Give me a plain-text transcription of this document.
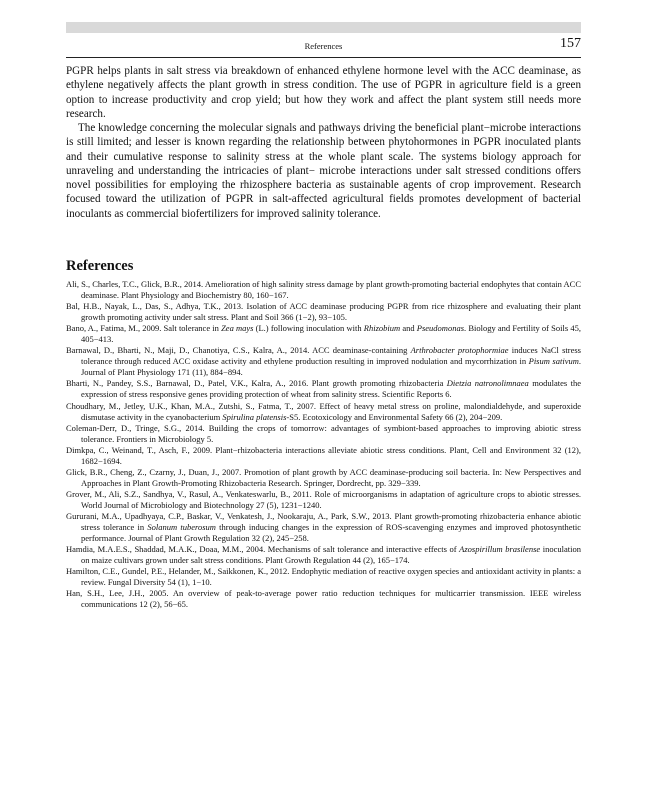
References	157

PGPR helps plants in salt stress via breakdown of enhanced ethylene hormone level with the ACC deaminase, as ethylene negatively affects the plant growth in stress condition. The use of PGPR in agriculture field is a green option to increase productivity and crop yield; but how they work and affect the plant system still needs more research.

The knowledge concerning the molecular signals and pathways driving the beneficial plant−microbe interactions is still limited; and lesser is known regarding the relationship between phytohormones in PGPR inoculated plants and their cumulative response to salinity stress at the whole plant scale. The systems biology approach for unraveling and understanding the intricacies of plant− microbe interactions under salt stressed conditions offers novel possibilities for employing the rhizosphere bacteria as sustainable agents of crop improvement. Research focused toward the utilization of PGPR in salt-affected agricultural fields promotes development of bacterial inoculants as commercial biofertilizers for improved salinity tolerance.

References
Ali, S., Charles, T.C., Glick, B.R., 2014. Amelioration of high salinity stress damage by plant growth-promoting bacterial endophytes that contain ACC deaminase. Plant Physiology and Biochemistry 80, 160−167.
Bal, H.B., Nayak, L., Das, S., Adhya, T.K., 2013. Isolation of ACC deaminase producing PGPR from rice rhizosphere and evaluating their plant growth promoting activity under salt stress. Plant and Soil 366 (1−2), 93−105.
Bano, A., Fatima, M., 2009. Salt tolerance in Zea mays (L.) following inoculation with Rhizobium and Pseudomonas. Biology and Fertility of Soils 45, 405−413.
Barnawal, D., Bharti, N., Maji, D., Chanotiya, C.S., Kalra, A., 2014. ACC deaminase-containing Arthrobacter protophormiae induces NaCl stress tolerance through reduced ACC oxidase activity and ethylene production resulting in improved nodulation and mycorrhization in Pisum sativum. Journal of Plant Physiology 171 (11), 884−894.
Bharti, N., Pandey, S.S., Barnawal, D., Patel, V.K., Kalra, A., 2016. Plant growth promoting rhizobacteria Dietzia natronolimnaea modulates the expression of stress responsive genes providing protection of wheat from salinity stress. Scientific Reports 6.
Choudhary, M., Jetley, U.K., Khan, M.A., Zutshi, S., Fatma, T., 2007. Effect of heavy metal stress on proline, malondialdehyde, and superoxide dismutase activity in the cyanobacterium Spirulina platensis-S5. Ecotoxicology and Environmental Safety 66 (2), 204−209.
Coleman-Derr, D., Tringe, S.G., 2014. Building the crops of tomorrow: advantages of symbiont-based approaches to improving abiotic stress tolerance. Frontiers in Microbiology 5.
Dimkpa, C., Weinand, T., Asch, F., 2009. Plant−rhizobacteria interactions alleviate abiotic stress conditions. Plant, Cell and Environment 32 (12), 1682−1694.
Glick, B.R., Cheng, Z., Czarny, J., Duan, J., 2007. Promotion of plant growth by ACC deaminase-producing soil bacteria. In: New Perspectives and Approaches in Plant Growth-Promoting Rhizobacteria Research. Springer, Dordrecht, pp. 329−339.
Grover, M., Ali, S.Z., Sandhya, V., Rasul, A., Venkateswarlu, B., 2011. Role of microorganisms in adaptation of agriculture crops to abiotic stresses. World Journal of Microbiology and Biotechnology 27 (5), 1231−1240.
Gururani, M.A., Upadhyaya, C.P., Baskar, V., Venkatesh, J., Nookaraju, A., Park, S.W., 2013. Plant growth-promoting rhizobacteria enhance abiotic stress tolerance in Solanum tuberosum through inducing changes in the expression of ROS-scavenging enzymes and improved photosynthetic performance. Journal of Plant Growth Regulation 32 (2), 245−258.
Hamdia, M.A.E.S., Shaddad, M.A.K., Doaa, M.M., 2004. Mechanisms of salt tolerance and interactive effects of Azospirillum brasilense inoculation on maize cultivars grown under salt stress conditions. Plant Growth Regulation 44 (2), 165−174.
Hamilton, C.E., Gundel, P.E., Helander, M., Saikkonen, K., 2012. Endophytic mediation of reactive oxygen species and antioxidant activity in plants: a review. Fungal Diversity 54 (1), 1−10.
Han, S.H., Lee, J.H., 2005. An overview of peak-to-average power ratio reduction techniques for multicarrier transmission. IEEE wireless communications 12 (2), 56−65.
